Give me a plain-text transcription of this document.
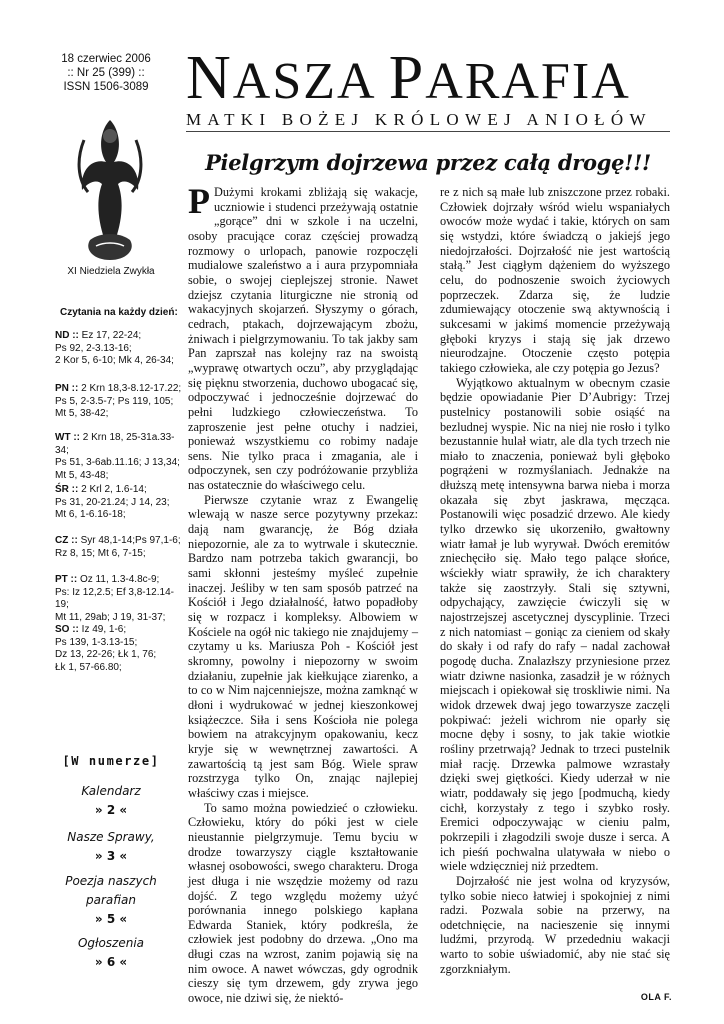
18 czerwiec 2006
:: Nr 25 (399) ::
ISSN 1506-3089
XI Niedziela Zwykła
Czytania na każdy dzień:
ND :: Ez 17, 22-24;
Ps 92, 2-3.13-16;
2 Kor 5, 6-10; Mk 4, 26-34;
PN :: 2 Krn 18,3-8.12-17.22;
Ps 5, 2-3.5-7; Ps 119, 105;
Mt 5, 38-42;
WT :: 2 Krn 18, 25-31a.33-34;
Ps 51, 3-6ab.11.16; J 13,34;
Mt 5, 43-48;
ŚR :: 2 Krl 2, 1.6-14;
Ps 31, 20-21.24; J 14, 23;
Mt 6, 1-6.16-18;
CZ :: Syr 48,1-14;Ps 97,1-6;
Rz 8, 15; Mt 6, 7-15;
PT :: Oz 11, 1.3-4.8c-9;
Ps: Iz 12,2.5; Ef 3,8-12.14-19;
Mt 11, 29ab; J 19, 31-37;
SO :: Iz 49, 1-6;
Ps 139, 1-3.13-15;
Dz 13, 22-26; Łk 1, 76;
Łk 1, 57-66.80;
[W numerze]
Kalendarz
» 2 «
Nasze Sprawy,
» 3 «
Poezja naszych parafian
» 5 «
Ogłoszenia
» 6 «
NASZA PARAFIA
MATKI BOŻEJ KRÓLOWEJ ANIOŁÓW
Pielgrzym dojrzewa przez całą drogę!!!

P Dużymi krokami zbliżają się wakacje, uczniowie i studenci przeżywają ostatnie „gorące” dni w szkole i na uczelni, osoby pracujące coraz częściej prowadzą rozmowy o urlopach, panowie rozpoczęli mudialowe szaleństwo a i aura przypomniała sobie, o swojej cieplejszej stronie. Nawet dziejsz czytania liturgiczne nie stronią od wakacyjnych skojarzeń. Słyszymy o górach, cedrach, ptakach, dojrzewającym zbożu, żniwach i pielgrzymowaniu. To tak jakby sam Pan zaprszał nas kolejny raz na swoistą „wyprawę otwartych oczu”, aby przyglądając się pięknu stworzenia, duchowo ubogacać się, odpoczywać i jednocześnie dojrzewać do pełni ludzkiego człowieczeństwa. To zaproszenie jest pełne otuchy i nadziei, ponieważ wszystkiemu co robimy nadaje sens. Nie tylko praca i zmagania, ale i odpoczynek, sen czy podróżowanie przybliża nas ostatecznie do właściwego celu.

Pierwsze czytanie wraz z Ewangelię wlewają w nasze serce pozytywny przekaz: dają nam gwarancję, że Bóg działa niepozornie, ale za to wytrwale i skutecznie. Bardzo nam potrzeba takich gwarancji, bo sami skłonni jesteśmy myśleć zupełnie inaczej. Jeśliby w ten sam sposób patrzeć na Kościół i Jego działalność, łatwo popadłoby się w rozpacz i kompleksy. Albowiem w Kościele na ogół nic takiego nie znajdujemy – czytamy u ks. Mariusza Poh - Kościół jest skromny, powolny i niepozorny w swoim działaniu, zupełnie jak kiełkujące ziarenko, a to co w Nim najcenniejsze, można zamknąć w dłoni i wydrukować w jednej kieszonkowej książeczce. Siła i sens Kościoła nie polega bowiem na atrakcyjnym opakowaniu, kecz kryje się w wewnętrznej zawartości. A zawartością tą jest sam Bóg. Wiele spraw rozstrzyga tylko On, znając najlepiej właściwy czas i miejsce.

To samo można powiedzieć o człowieku. Człowieku, który do póki jest w ciele nieustannie pielgrzymuje. Temu byciu w drodze towarzyszy ciągle kształtowanie własnej osobowości, swego charakteru. Droga jest długa i nie wszędzie możemy od razu dojść. Z tego względu możemy użyć porównania innego polskiego kapłana Edwarda Staniek, który podkreśla, że człowiek jest podobny do drzewa. „Ono ma długi czas na wzrost, zanim pojawią się na nim owoce. A nawet wówczas, gdy ogrodnik cieszy się tym drzewem, gdy zrywa jego owoce, nie dziwi się, że niektó-

re z nich są małe lub zniszczone przez robaki. Człowiek dojrzały wśród wielu wspaniałych owoców może wydać i takie, których on sam się wstydzi, które świadczą o jakiejś jego niedojrzałości. Dojrzałość nie jest wartością stałą.” Jest ciągłym dążeniem do wyższego celu, do podnoszenie swoich życiowych poprzeczek. Zdarza się, że ludzie zdumiewający otoczenie swą aktywnością i sukcesami w jakimś momencie przeżywają głęboki kryzys i stają się jak drzewo nieurodzajne. Otoczenie często potępia takiego człowieka, ale czy potępia go Jezus?

Wyjątkowo aktualnym w obecnym czasie będzie opowiadanie Pier D’Aubrigy: Trzej pustelnicy postanowili sobie osiąść na bezludnej wyspie. Nic na niej nie rosło i tylko bezustannie hulał wiatr, ale dla tych trzech nie miało to znaczenia, ponieważ byli głęboko pogrążeni w rozmyślaniach. Jednakże na dłuższą metę intensywna barwa nieba i morza okazała się zbyt jaskrawa, męcząca. Postanowili więc posadzić drzewo. Ale kiedy tylko drzewko się ukorzeniło, gwałtowny wiatr łamał je lub wyrywał. Dwóch eremitów zniechęciło się. Mało tego palące słońce, wściekły wiatr sprawiły, że ich charaktery także się zaostrzyły. Stali się sztywni, odpychający, zawzięcie ćwiczyli się w najostrzejszej ascetycznej dyscyplinie. Trzeci z nich natomiast – goniąc za cieniem od skały do skały i od rafy do rafy – nadal zachował pogodę ducha. Znalazłszy przyniesione przez wiatr dziwne nasionka, zasadził je w różnych miejscach i opiekował się troskliwie nimi. Na widok drzewek dwaj jego towarzysze zaczęli pokpiwać: jeżeli wichrom nie oparły się mocne dęby i sosny, to jak takie wiotkie rośliny przetrwają? Jednak to trzeci pustelnik miał rację. Drzewka palmowe wzrastały dzięki swej giętkości. Kiedy uderzał w nie wiatr, poddawały się jego [podmuchą, kiedy cichł, korzystały z tego i szybko rosły. Eremici odpoczywając w cieniu palm, pokrzepili i złagodzili swoje dusze i serca. A ich pieśń pochwalna ulatywała w niebo o wiele wdzięczniej niż przedtem.

Dojrzałość nie jest wolna od kryzysów, tylko sobie nieco łatwiej i spokojniej z nimi radzi. Pozwala sobie na przerwy, na odetchnięcie, na nacieszenie się innymi ludźmi, przyrodą. W przededniu wakacji warto to sobie uświadomić, aby nie stać się zgorzkniałym.

OLA F.
